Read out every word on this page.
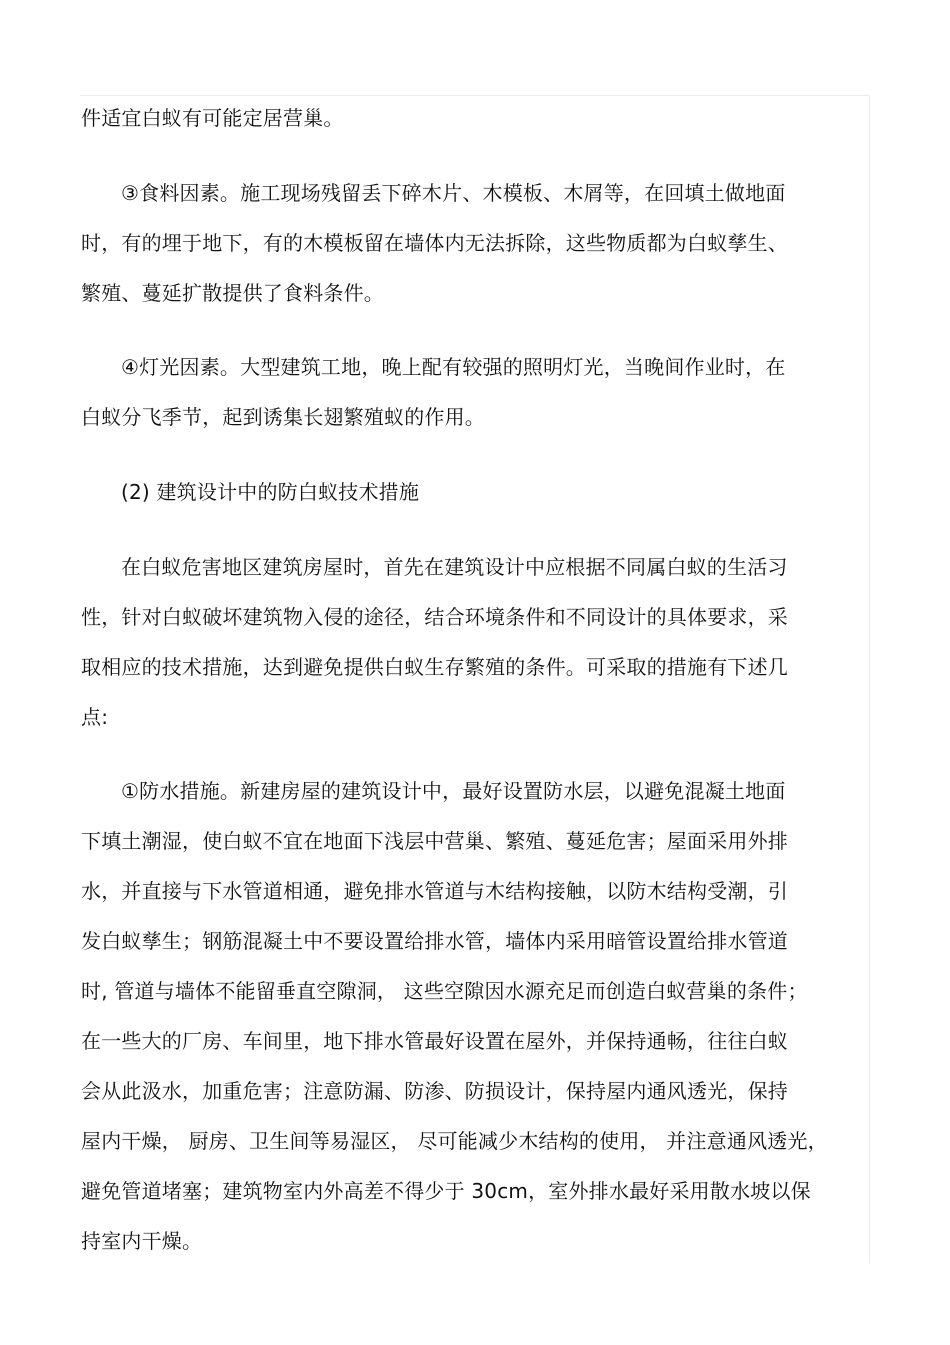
件适宜白蚁有可能定居营巢。

③食料因素。施工现场残留丢下碎木片、木模板、木屑等，在回填土做地面

时，有的埋于地下，有的木模板留在墙体内无法拆除，这些物质都为白蚁孳生、

繁殖、蔓延扩散提供了食料条件。

④灯光因素。大型建筑工地，晚上配有较强的照明灯光，当晚间作业时，在

白蚁分飞季节，起到诱集长翅繁殖蚁的作用。

(2) 建筑设计中的防白蚁技术措施

在白蚁危害地区建筑房屋时，首先在建筑设计中应根据不同属白蚁的生活习

性，针对白蚁破坏建筑物入侵的途径，结合环境条件和不同设计的具体要求，采

取相应的技术措施，达到避免提供白蚁生存繁殖的条件。可采取的措施有下述几

点:

①防水措施。新建房屋的建筑设计中，最好设置防水层，以避免混凝土地面

下填土潮湿，使白蚁不宜在地面下浅层中营巢、繁殖、蔓延危害；屋面采用外排

水，并直接与下水管道相通，避免排水管道与木结构接触，以防木结构受潮，引

发白蚁孳生；钢筋混凝土中不要设置给排水管，墙体内采用暗管设置给排水管道

时, 管道与墙体不能留垂直空隙洞， 这些空隙因水源充足而创造白蚁营巢的条件；

在一些大的厂房、车间里，地下排水管最好设置在屋外，并保持通畅，往往白蚁

会从此汲水，加重危害；注意防漏、防渗、防损设计，保持屋内通风透光，保持

屋内干燥， 厨房、卫生间等易湿区， 尽可能减少木结构的使用， 并注意通风透光，

避免管道堵塞；建筑物室内外高差不得少于 30cm，室外排水最好采用散水坡以保

持室内干燥。
